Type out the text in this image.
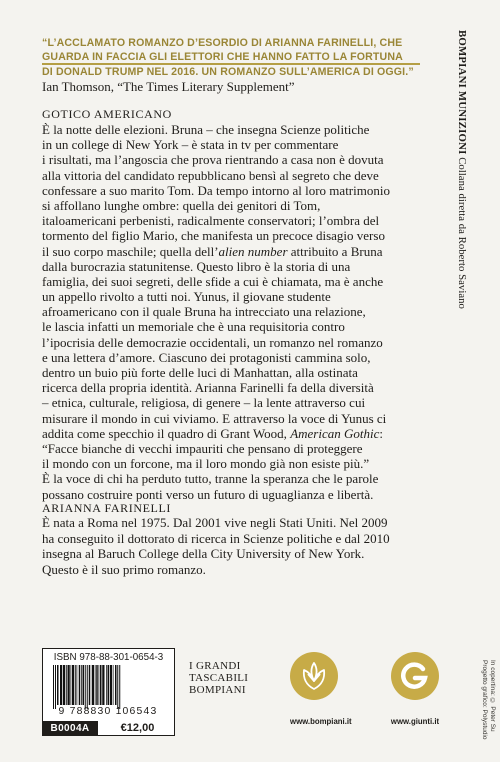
“L’ACCLAMATO ROMANZO D’ESORDIO DI ARIANNA FARINELLI, CHE
GUARDA IN FACCIA GLI ELETTORI CHE HANNO FATTO LA FORTUNA
DI DONALD TRUMP NEL 2016. UN ROMANZO SULL’AMERICA DI OGGI.”
Ian Thomson, “The Times Literary Supplement”
GOTICO AMERICANO
È la notte delle elezioni. Bruna – che insegna Scienze politiche
in un college di New York – è stata in tv per commentare
i risultati, ma l’angoscia che prova rientrando a casa non è dovuta
alla vittoria del candidato repubblicano bensì al segreto che deve
confessare a suo marito Tom. Da tempo intorno al loro matrimonio
si affollano lunghe ombre: quella dei genitori di Tom,
italoamericani perbenisti, radicalmente conservatori; l’ombra del
tormento del figlio Mario, che manifesta un precoce disagio verso
il suo corpo maschile; quella dell’alien number attribuito a Bruna
dalla burocrazia statunitense. Questo libro è la storia di una
famiglia, dei suoi segreti, delle sfide a cui è chiamata, ma è anche
un appello rivolto a tutti noi. Yunus, il giovane studente
afroamericano con il quale Bruna ha intrecciato una relazione,
le lascia infatti un memoriale che è una requisitoria contro
l’ipocrisia delle democrazie occidentali, un romanzo nel romanzo
e una lettera d’amore. Ciascuno dei protagonisti cammina solo,
dentro un buio più forte delle luci di Manhattan, alla ostinata
ricerca della propria identità. Arianna Farinelli fa della diversità
– etnica, culturale, religiosa, di genere – la lente attraverso cui
misurare il mondo in cui viviamo. E attraverso la voce di Yunus ci
addita come specchio il quadro di Grant Wood, American Gothic:
“Facce bianche di vecchi impauriti che pensano di proteggere
il mondo con un forcone, ma il loro mondo già non esiste più.”
È la voce di chi ha perduto tutto, tranne la speranza che le parole
possano costruire ponti verso un futuro di uguaglianza e libertà.
ARIANNA FARINELLI
È nata a Roma nel 1975. Dal 2001 vive negli Stati Uniti. Nel 2009
ha conseguito il dottorato di ricerca in Scienze politiche e dal 2010
insegna al Baruch College della City University of New York.
Questo è il suo primo romanzo.
BOMPIANI MUNIZIONI Collana diretta da Roberto Saviano
In copertina: © Peter Su
Progetto grafico: Polystudio
ISBN 978-88-301-0654-3
9 788830 106543
B0004A	€12,00
I GRANDI
TASCABILI
BOMPIANI
www.bompiani.it	www.giunti.it
